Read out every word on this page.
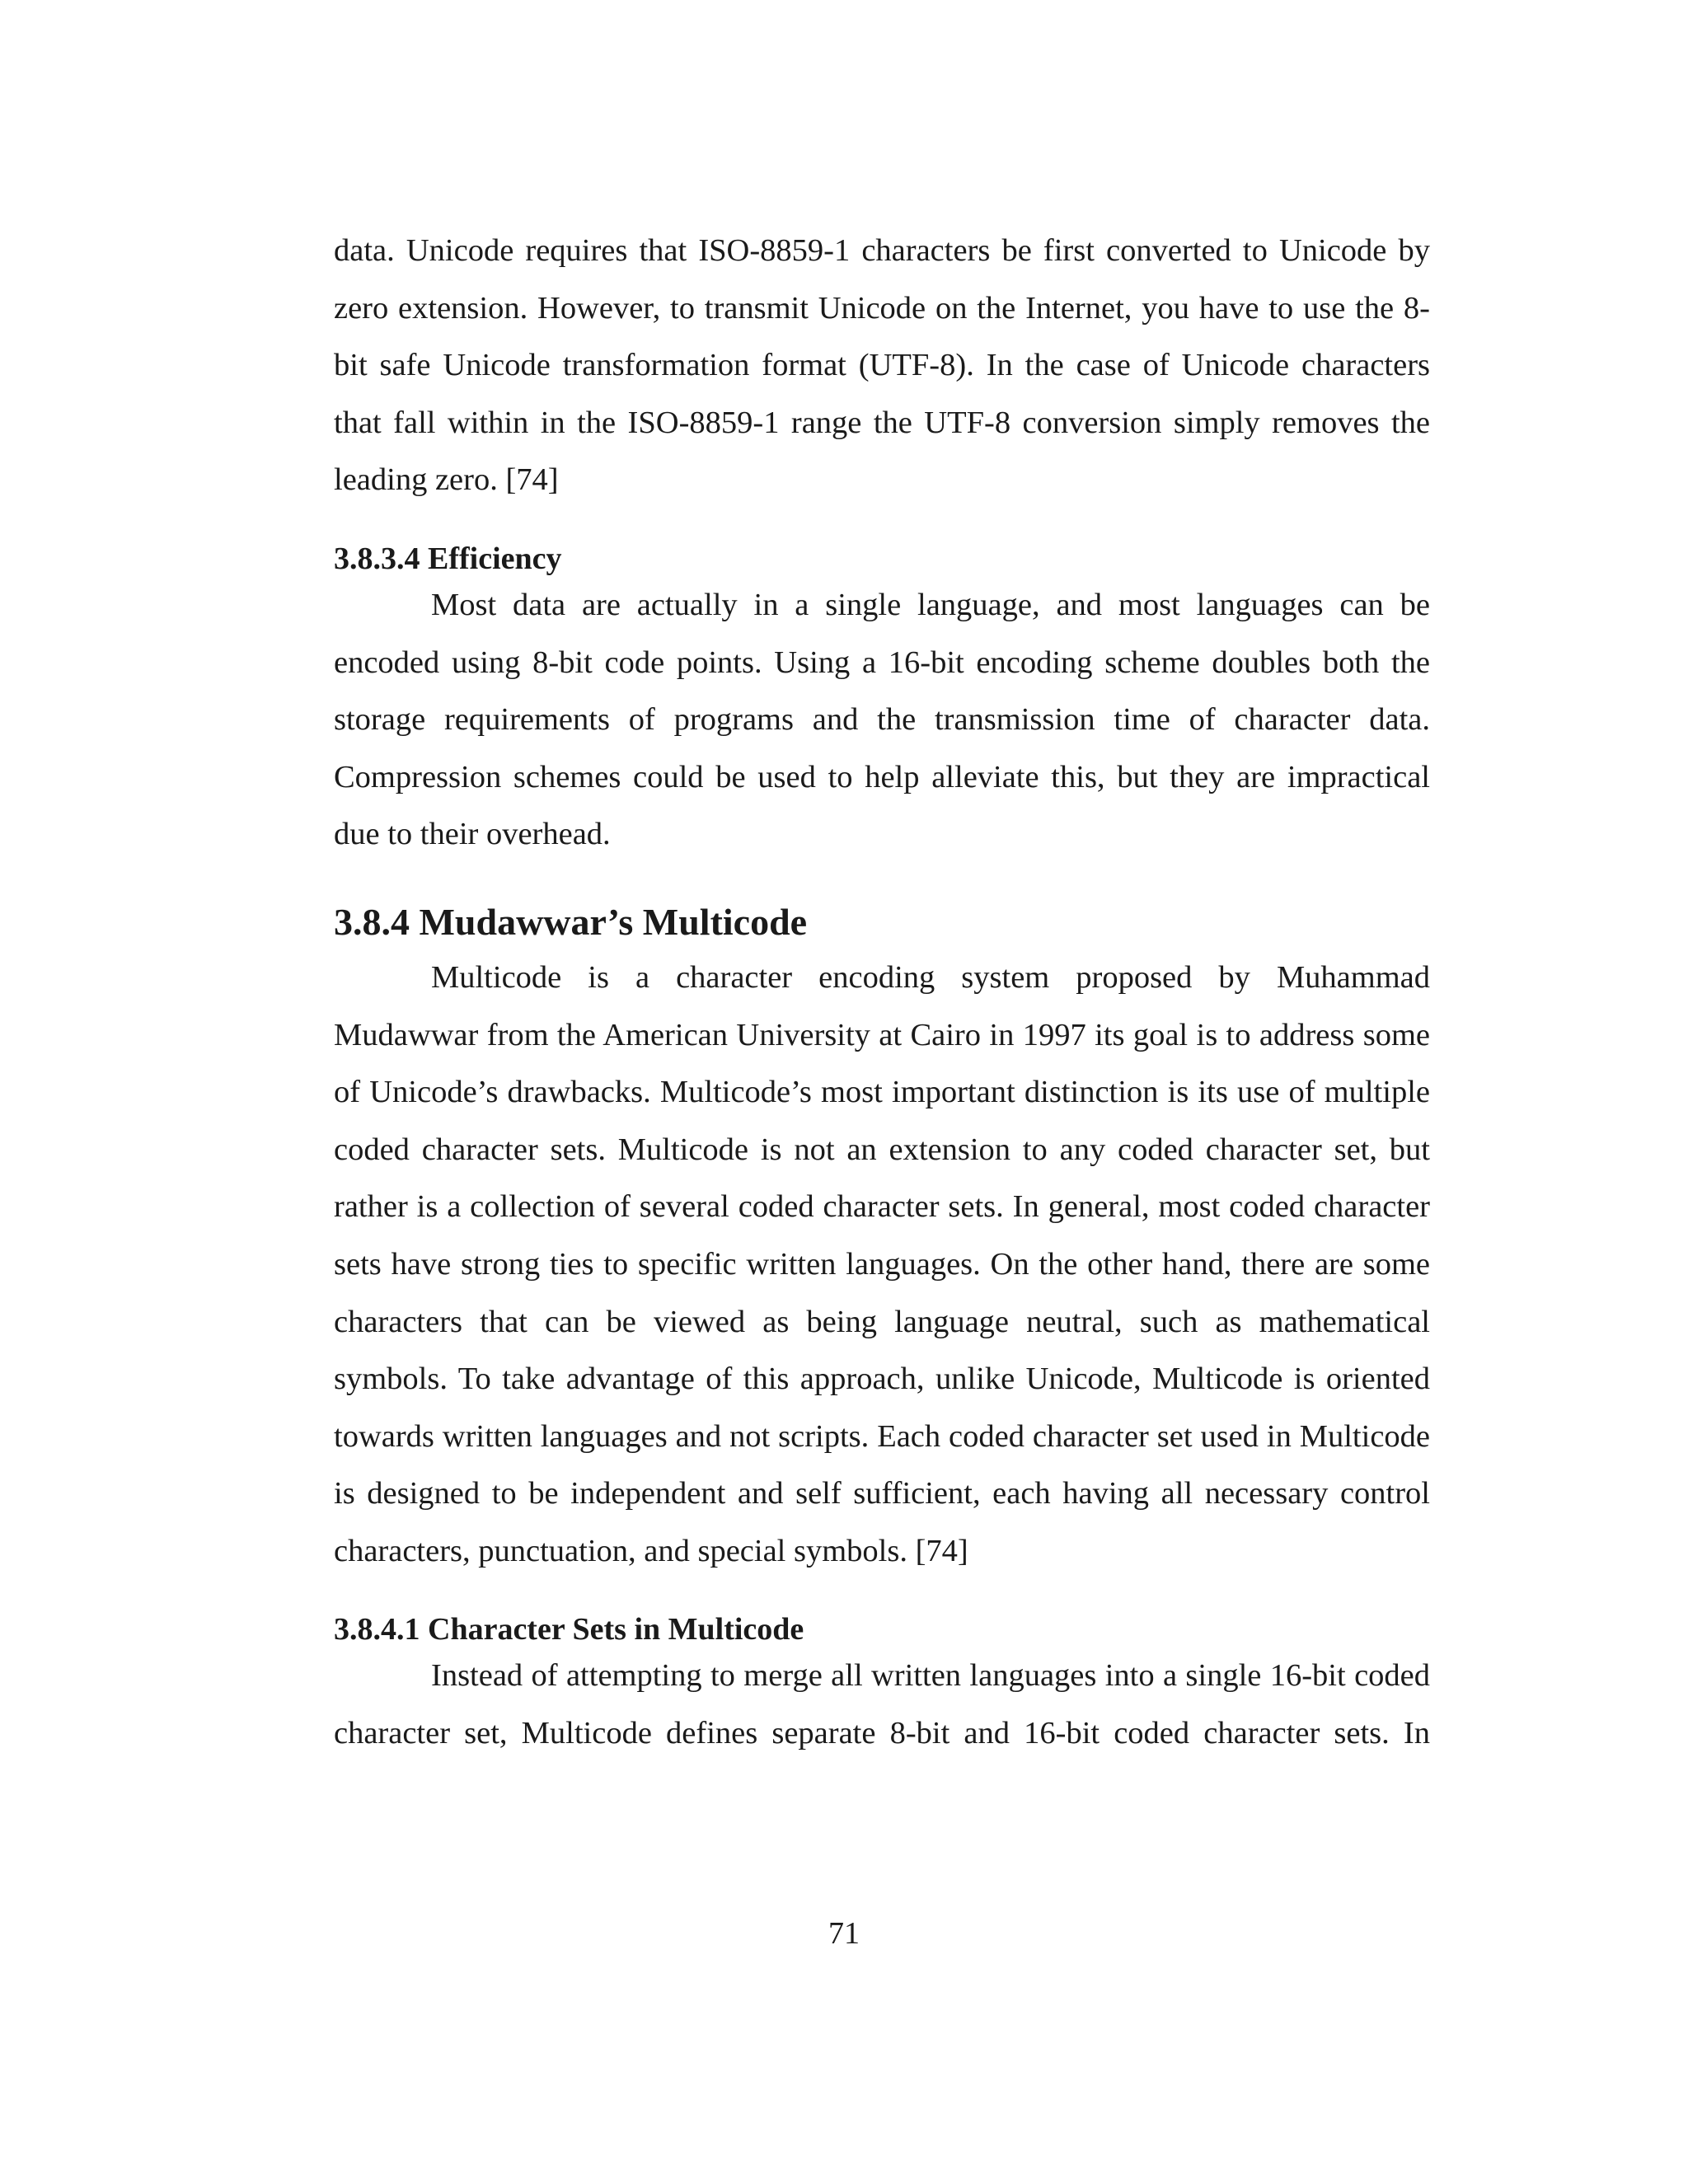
data. Unicode requires that ISO-8859-1 characters be first converted to Unicode by zero extension. However, to transmit Unicode on the Internet, you have to use the 8-bit safe Unicode transformation format (UTF-8). In the case of Unicode characters that fall within in the ISO-8859-1 range the UTF-8 conversion simply removes the leading zero. [74]

3.8.3.4 Efficiency

Most data are actually in a single language, and most languages can be encoded using 8-bit code points. Using a 16-bit encoding scheme doubles both the storage requirements of programs and the transmission time of character data. Compression schemes could be used to help alleviate this, but they are impractical due to their overhead.

3.8.4 Mudawwar’s Multicode

Multicode is a character encoding system proposed by Muhammad Mudawwar from the American University at Cairo in 1997 its goal is to address some of Unicode’s drawbacks. Multicode’s most important distinction is its use of multiple coded character sets. Multicode is not an extension to any coded character set, but rather is a collection of several coded character sets. In general, most coded character sets have strong ties to specific written languages. On the other hand, there are some characters that can be viewed as being language neutral, such as mathematical symbols. To take advantage of this approach, unlike Unicode, Multicode is oriented towards written languages and not scripts. Each coded character set used in Multicode is designed to be independent and self sufficient, each having all necessary control characters, punctuation, and special symbols. [74]

3.8.4.1 Character Sets in Multicode

Instead of attempting to merge all written languages into a single 16-bit coded character set, Multicode defines separate 8-bit and 16-bit coded character sets. In

71
